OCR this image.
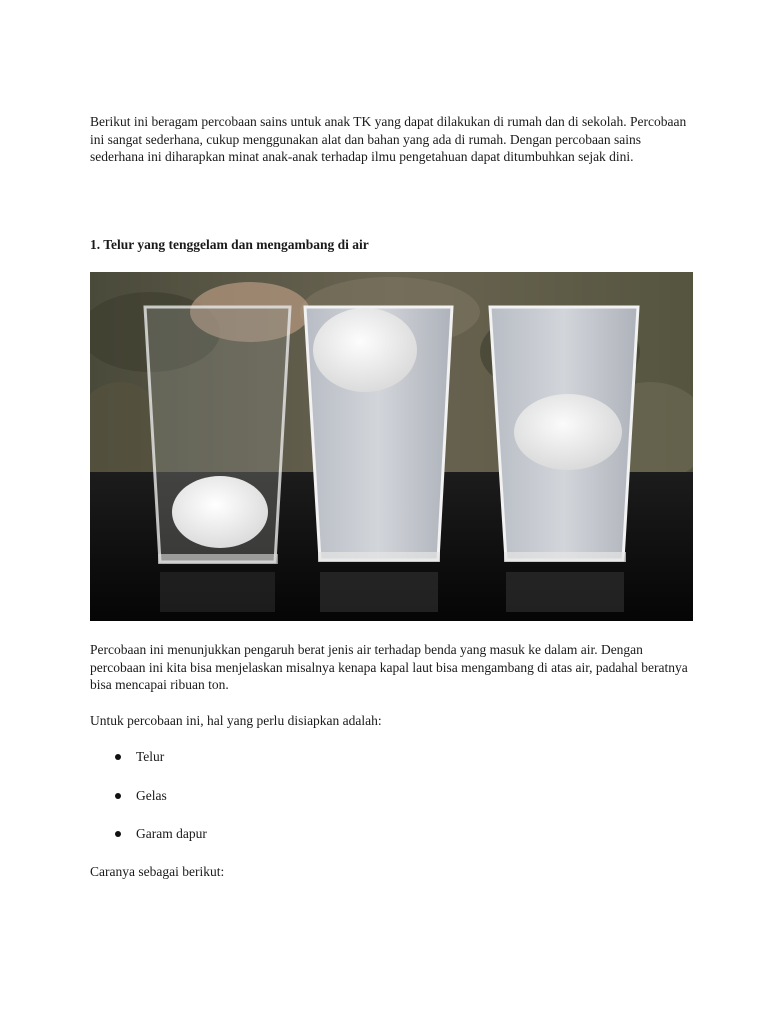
Berikut ini beragam percobaan sains untuk anak TK yang dapat dilakukan di rumah dan di sekolah. Percobaan ini sangat sederhana, cukup menggunakan alat dan bahan yang ada di rumah. Dengan percobaan sains sederhana ini diharapkan minat anak-anak terhadap ilmu pengetahuan dapat ditumbuhkan sejak dini.

1. Telur yang tenggelam dan mengambang di air

Percobaan ini menunjukkan pengaruh berat jenis air terhadap benda yang masuk ke dalam air. Dengan percobaan ini kita bisa menjelaskan misalnya kenapa kapal laut bisa mengambang di atas air, padahal beratnya bisa mencapai ribuan ton.

Untuk percobaan ini, hal yang perlu disiapkan adalah:

Telur
Gelas
Garam dapur

Caranya sebagai berikut:
